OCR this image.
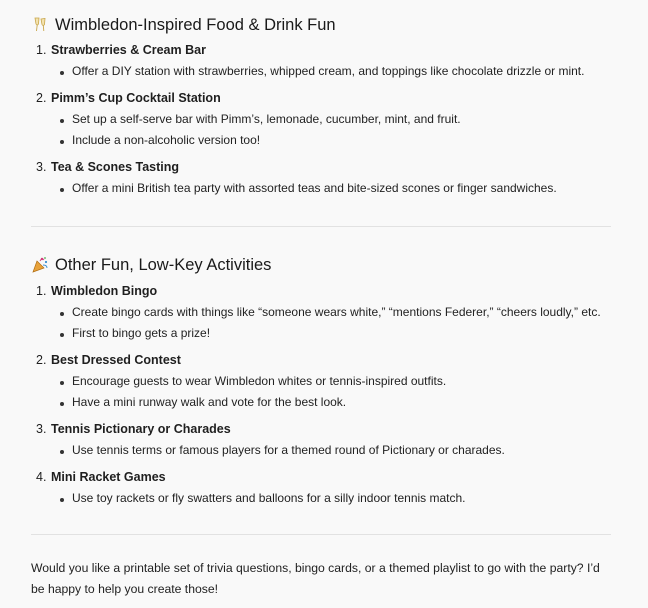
Wimbledon-Inspired Food & Drink Fun
1. Strawberries & Cream Bar
Offer a DIY station with strawberries, whipped cream, and toppings like chocolate drizzle or mint.
2. Pimm’s Cup Cocktail Station
Set up a self-serve bar with Pimm’s, lemonade, cucumber, mint, and fruit.
Include a non-alcoholic version too!
3. Tea & Scones Tasting
Offer a mini British tea party with assorted teas and bite-sized scones or finger sandwiches.
Other Fun, Low-Key Activities
1. Wimbledon Bingo
Create bingo cards with things like “someone wears white,” “mentions Federer,” “cheers loudly,” etc.
First to bingo gets a prize!
2. Best Dressed Contest
Encourage guests to wear Wimbledon whites or tennis-inspired outfits.
Have a mini runway walk and vote for the best look.
3. Tennis Pictionary or Charades
Use tennis terms or famous players for a themed round of Pictionary or charades.
4. Mini Racket Games
Use toy rackets or fly swatters and balloons for a silly indoor tennis match.
Would you like a printable set of trivia questions, bingo cards, or a themed playlist to go with the party? I’d
be happy to help you create those!
